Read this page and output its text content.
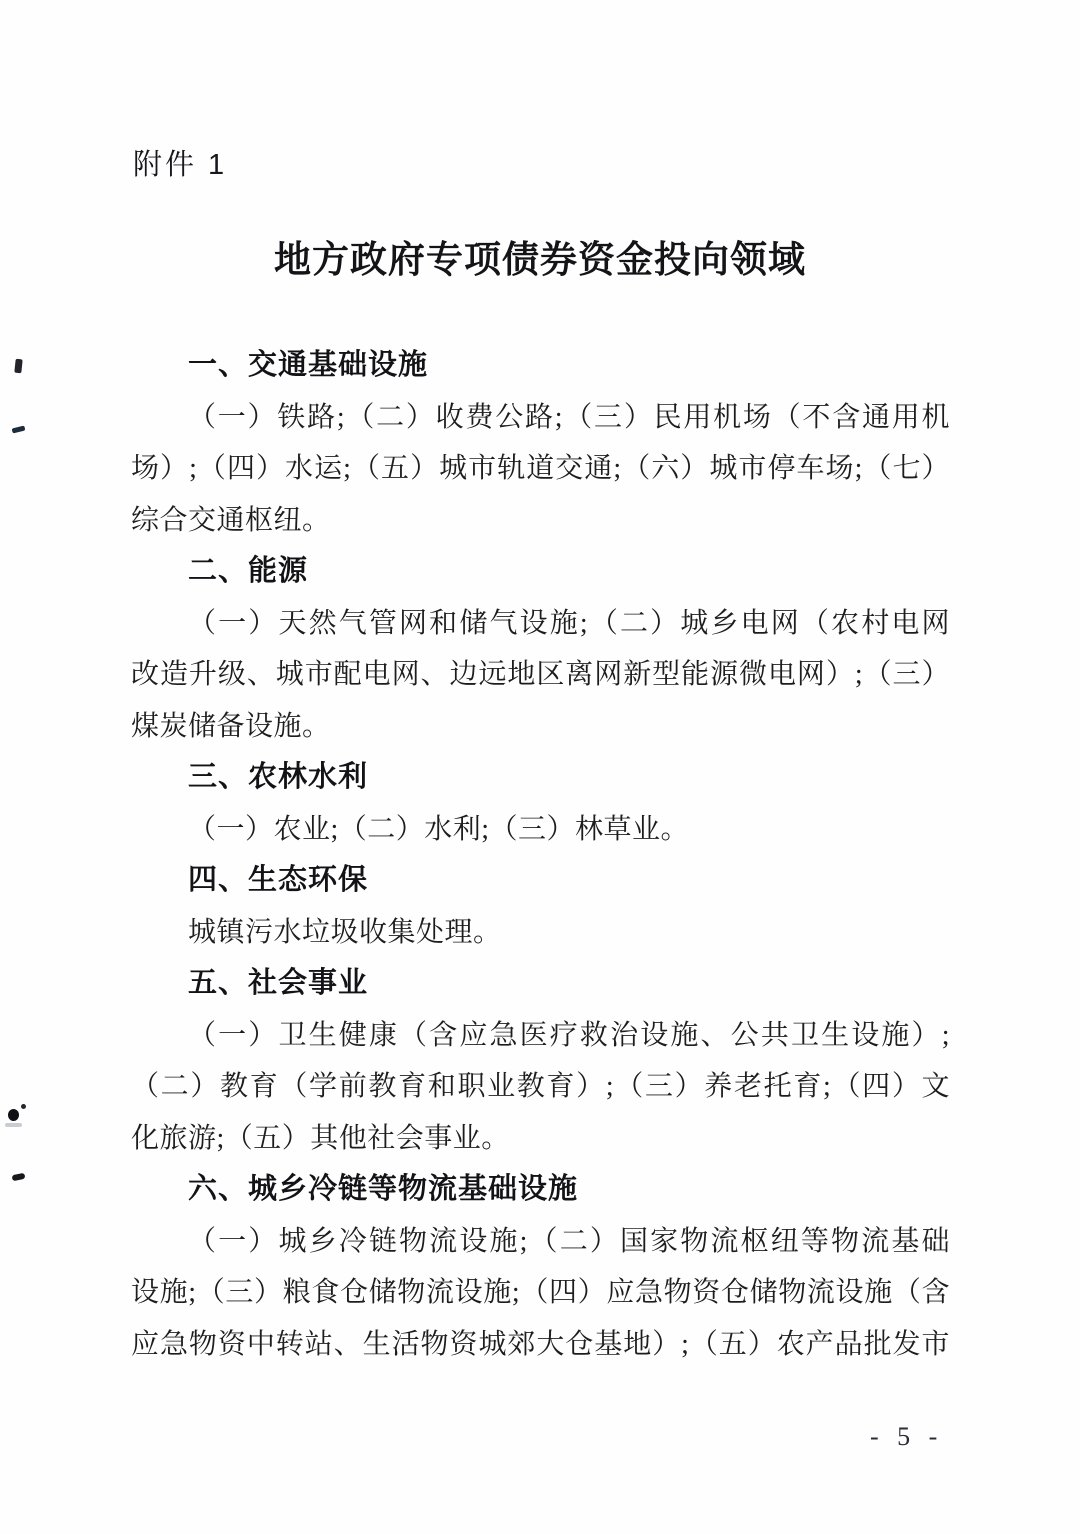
附件 1
地方政府专项债券资金投向领域
一、交通基础设施
（一）铁路;（二）收费公路;（三）民用机场（不含通用机
场）;（四）水运;（五）城市轨道交通;（六）城市停车场;（七）
综合交通枢纽。
二、能源
（一）天然气管网和储气设施;（二）城乡电网（农村电网
改造升级、城市配电网、边远地区离网新型能源微电网）;（三）
煤炭储备设施。
三、农林水利
（一）农业;（二）水利;（三）林草业。
四、生态环保
城镇污水垃圾收集处理。
五、社会事业
（一）卫生健康（含应急医疗救治设施、公共卫生设施）;
（二）教育（学前教育和职业教育）;（三）养老托育;（四）文
化旅游;（五）其他社会事业。
六、城乡冷链等物流基础设施
（一）城乡冷链物流设施;（二）国家物流枢纽等物流基础
设施;（三）粮食仓储物流设施;（四）应急物资仓储物流设施（含
应急物资中转站、生活物资城郊大仓基地）;（五）农产品批发市
- 5 -
